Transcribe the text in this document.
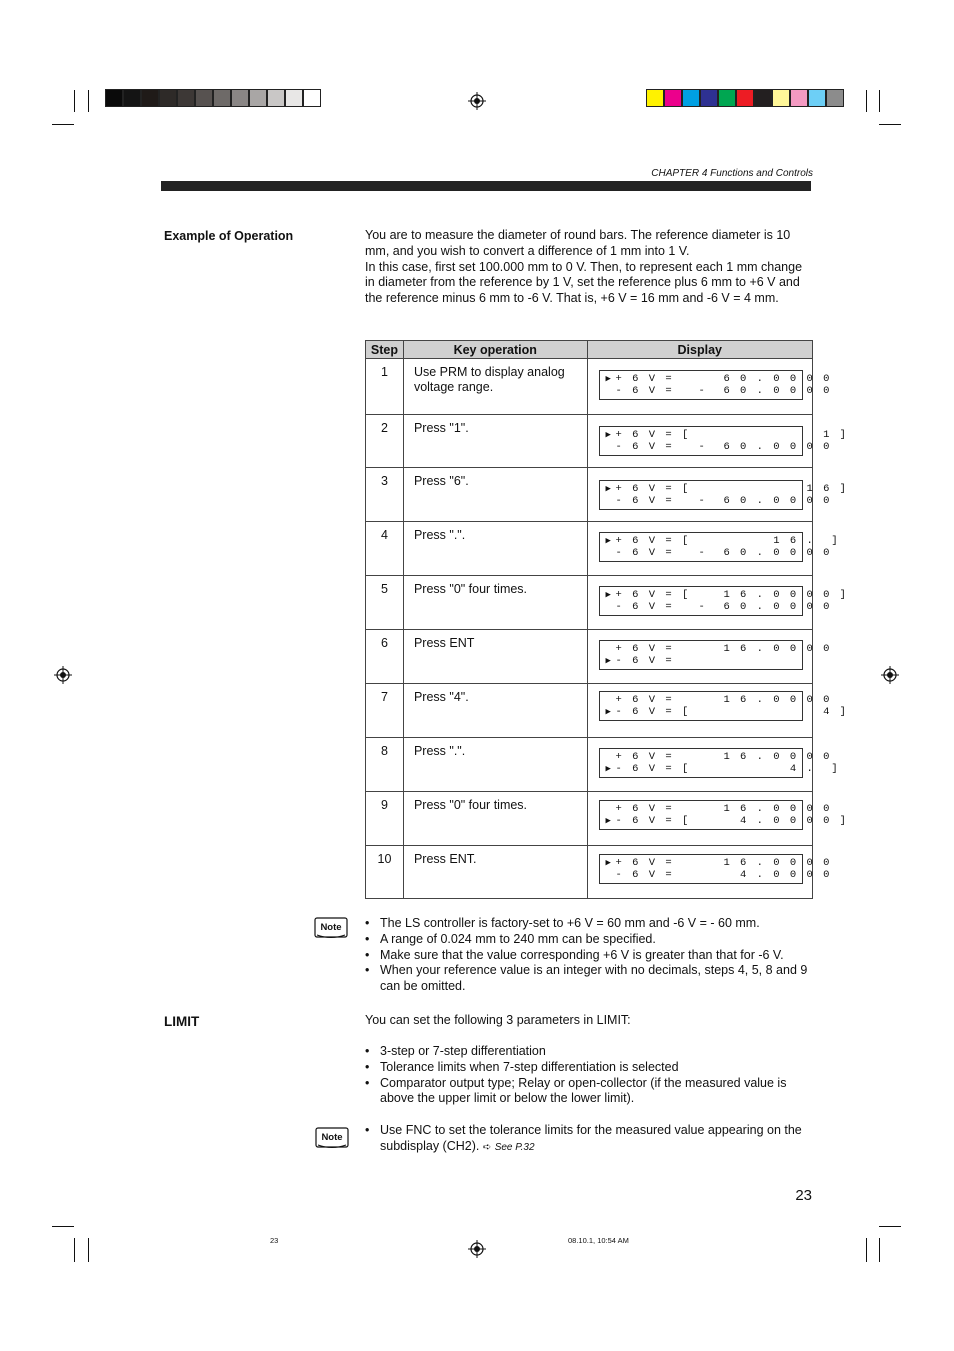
CHAPTER 4 Functions and Controls
Example of Operation	You are to measure the diameter of round bars. The reference diameter is 10 mm, and you wish to convert a difference of 1 mm into 1 V.
In this case, first set 100.000 mm to 0 V. Then, to represent each 1 mm change in diameter from the reference by 1 V, set the reference plus 6 mm to +6 V and the reference minus 6 mm to -6 V. That is, +6 V = 16 mm and -6 V = 4 mm.
Step	Key operation	Display
1	Use PRM to display analog voltage range.	▶ + 6 V =      6 0 . 0 0 0 0
- 6 V =   -  6 0 . 0 0 0 0

2	Press "1".	▶ + 6 V = [                1 ]
- 6 V =   -  6 0 . 0 0 0 0

3	Press "6".	▶ + 6 V = [              1 6 ]
- 6 V =   -  6 0 . 0 0 0 0

4	Press ".".	▶ + 6 V = [          1 6 .  ]
- 6 V =   -  6 0 . 0 0 0 0

5	Press "0" four times.	▶ + 6 V = [    1 6 . 0 0 0 0 ]
- 6 V =   -  6 0 . 0 0 0 0

6	Press ENT	+ 6 V =      1 6 . 0 0 0 0
▶ - 6 V =

7	Press "4".	+ 6 V =      1 6 . 0 0 0 0
▶ - 6 V = [                4 ]

8	Press ".".	+ 6 V =      1 6 . 0 0 0 0
▶ - 6 V = [            4 .  ]

9	Press "0" four times.	+ 6 V =      1 6 . 0 0 0 0
▶ - 6 V = [      4 . 0 0 0 0 ]

10	Press ENT.	▶ + 6 V =      1 6 . 0 0 0 0
- 6 V =        4 . 0 0 0 0
Note	• The LS controller is factory-set to +6 V = 60 mm and -6 V = - 60 mm.
• A range of 0.024 mm to 240 mm can be specified.
• Make sure that the value corresponding +6 V is greater than that for -6 V.
• When your reference value is an integer with no decimals, steps 4, 5, 8 and 9 can be omitted.
LIMIT	You can set the following 3 parameters in LIMIT:
• 3-step or 7-step differentiation
• Tolerance limits when 7-step differentiation is selected
• Comparator output type; Relay or open-collector (if the measured value is above the upper limit or below the lower limit).
Note
• Use FNC to set the tolerance limits for the measured value appearing on the subdisplay (CH2). ➪ See P.32
23
23	08.10.1, 10:54 AM
